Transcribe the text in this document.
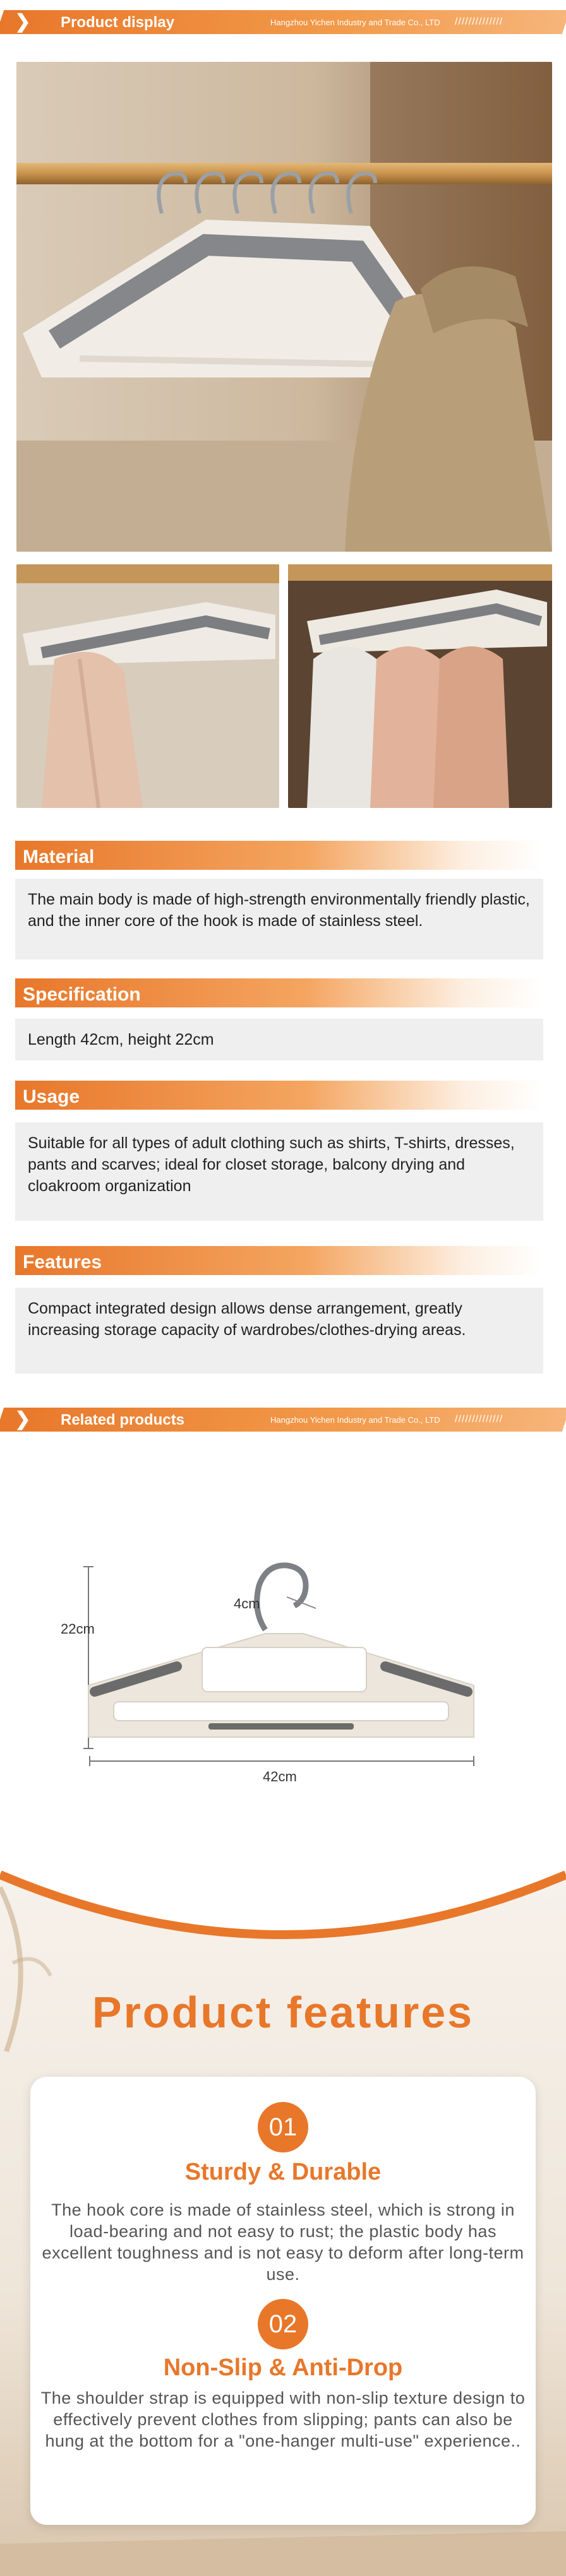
❯	Product display	Hangzhou Yichen Industry and Trade Co., LTD //////////////
Material
The main body is made of high-strength environmentally friendly plastic, and the inner core of the hook is made of stainless steel.
Specification
Length 42cm, height 22cm
Usage
Suitable for all types of adult clothing such as shirts, T-shirts, dresses, pants and scarves; ideal for closet storage, balcony drying and cloakroom organization
Features
Compact integrated design allows dense arrangement, greatly increasing storage capacity of wardrobes/clothes-drying areas.
❯	Related products	Hangzhou Yichen Industry and Trade Co., LTD //////////////
22cm
4cm
42cm
Product features
01
Sturdy & Durable
The hook core is made of stainless steel, which is strong in load-bearing and not easy to rust; the plastic body has excellent toughness and is not easy to deform after long-term use.
02
Non-Slip & Anti-Drop
The shoulder strap is equipped with non-slip texture design to effectively prevent clothes from slipping; pants can also be hung at the bottom for a "one-hanger multi-use" experience..
